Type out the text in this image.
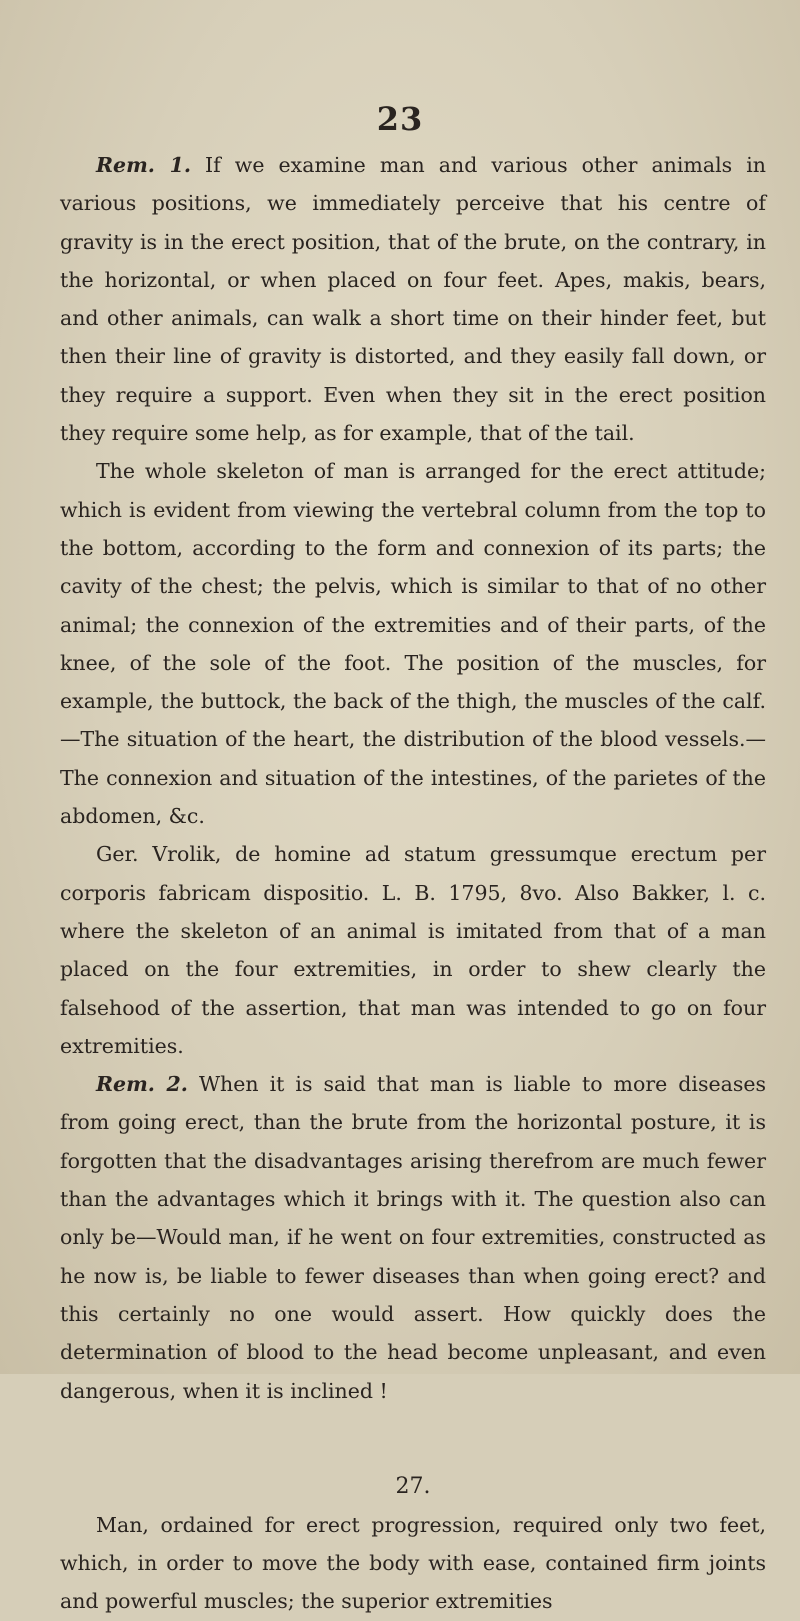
23

Rem. 1. If we examine man and various other animals in various positions, we immediately perceive that his centre of gravity is in the erect position, that of the brute, on the contrary, in the horizontal, or when placed on four feet. Apes, makis, bears, and other animals, can walk a short time on their hinder feet, but then their line of gravity is distorted, and they easily fall down, or they require a support. Even when they sit in the erect position they require some help, as for example, that of the tail.

The whole skeleton of man is arranged for the erect attitude; which is evident from viewing the vertebral column from the top to the bottom, according to the form and connexion of its parts; the cavity of the chest; the pelvis, which is similar to that of no other animal; the connexion of the extremities and of their parts, of the knee, of the sole of the foot. The position of the muscles, for example, the buttock, the back of the thigh, the muscles of the calf.—The situation of the heart, the distribution of the blood vessels.—The connexion and situation of the intestines, of the parietes of the abdomen, &c.

Ger. Vrolik, de homine ad statum gressumque erectum per corporis fabricam dispositio. L. B. 1795, 8vo. Also Bakker, l. c. where the skeleton of an animal is imitated from that of a man placed on the four extremities, in order to shew clearly the falsehood of the assertion, that man was intended to go on four extremities.

Rem. 2. When it is said that man is liable to more diseases from going erect, than the brute from the horizontal posture, it is forgotten that the disadvantages arising therefrom are much fewer than the advantages which it brings with it. The question also can only be—Would man, if he went on four extremities, constructed as he now is, be liable to fewer diseases than when going erect? and this certainly no one would assert. How quickly does the determination of blood to the head become unpleasant, and even dangerous, when it is inclined !

27.

Man, ordained for erect progression, required only two feet, which, in order to move the body with ease, contained firm joints and powerful muscles; the superior extremities
